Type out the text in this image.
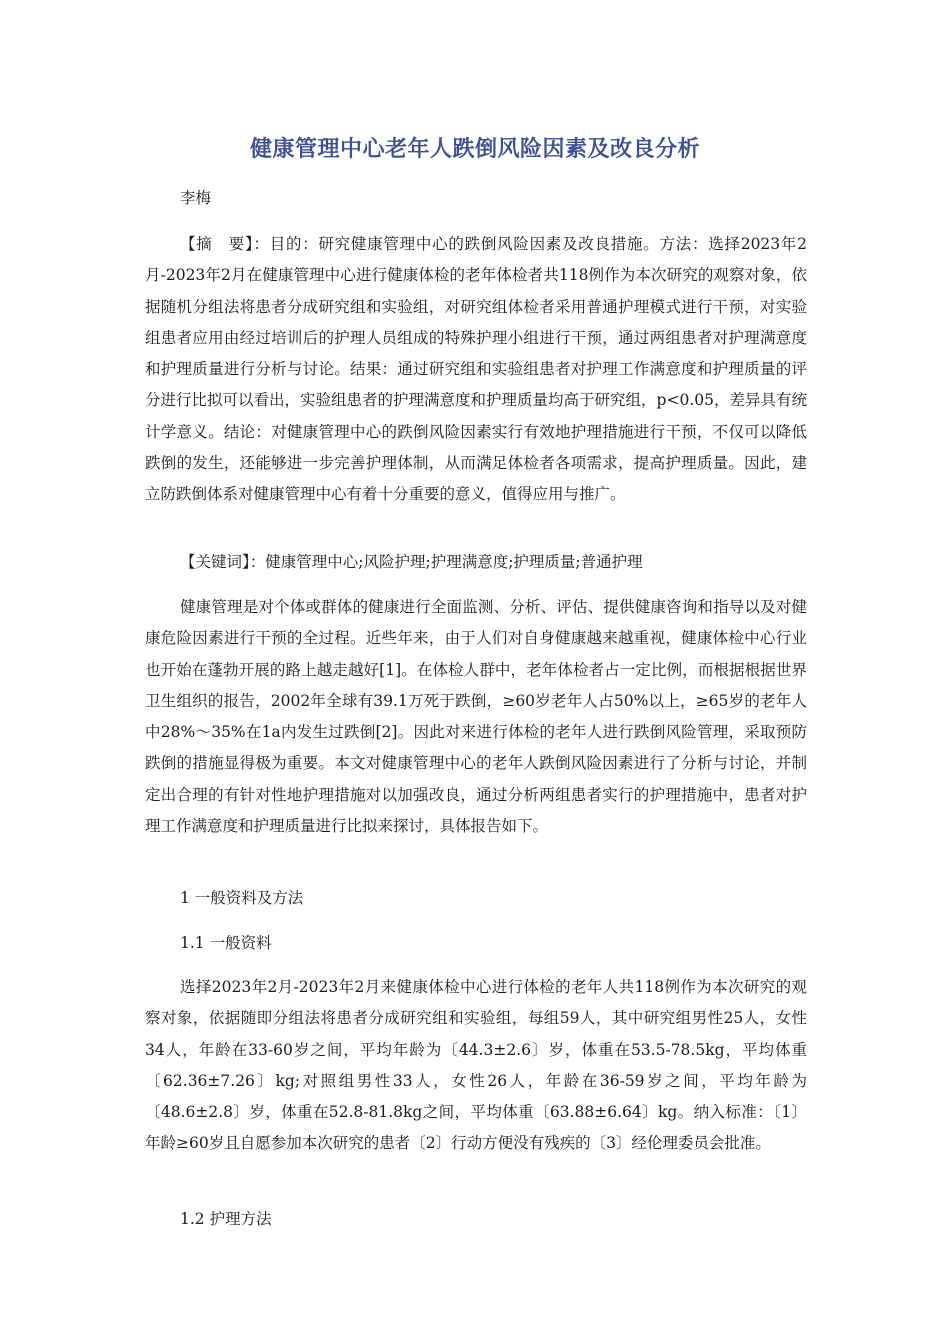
健康管理中心老年人跌倒风险因素及改良分析
李梅

【摘　要】：目的：研究健康管理中心的跌倒风险因素及改良措施。方法：选择2023年2月-2023年2月在健康管理中心进行健康体检的老年体检者共118例作为本次研究的观察对象，依据随机分组法将患者分成研究组和实验组，对研究组体检者采用普通护理模式进行干预，对实验组患者应用由经过培训后的护理人员组成的特殊护理小组进行干预，通过两组患者对护理满意度和护理质量进行分析与讨论。结果：通过研究组和实验组患者对护理工作满意度和护理质量的评分进行比拟可以看出，实验组患者的护理满意度和护理质量均高于研究组，p<0.05，差异具有统计学意义。结论：对健康管理中心的跌倒风险因素实行有效地护理措施进行干预，不仅可以降低跌倒的发生，还能够进一步完善护理体制，从而满足体检者各项需求，提高护理质量。因此，建立防跌倒体系对健康管理中心有着十分重要的意义，值得应用与推广。

【关键词】：健康管理中心;风险护理;护理满意度;护理质量;普通护理

健康管理是对个体或群体的健康进行全面监测、分析、评估、提供健康咨询和指导以及对健康危险因素进行干预的全过程。近些年来，由于人们对自身健康越来越重视，健康体检中心行业也开始在蓬勃开展的路上越走越好[1]。在体检人群中，老年体检者占一定比例，而根据根据世界卫生组织的报告，2002年全球有39.1万死于跌倒，≥60岁老年人占50%以上，≥65岁的老年人中28%～35%在1a内发生过跌倒[2]。因此对来进行体检的老年人进行跌倒风险管理，采取预防跌倒的措施显得极为重要。本文对健康管理中心的老年人跌倒风险因素进行了分析与讨论，并制定出合理的有针对性地护理措施对以加强改良，通过分析两组患者实行的护理措施中，患者对护理工作满意度和护理质量进行比拟来探讨，具体报告如下。

1 一般资料及方法
1.1 一般资料

选择2023年2月-2023年2月来健康体检中心进行体检的老年人共118例作为本次研究的观察对象，依据随即分组法将患者分成研究组和实验组，每组59人，其中研究组男性25人，女性34人，年龄在33-60岁之间，平均年龄为〔44.3±2.6〕岁，体重在53.5-78.5kg，平均体重〔62.36±7.26〕kg;对照组男性33人，女性26人，年龄在36-59岁之间，平均年龄为〔48.6±2.8〕岁，体重在52.8-81.8kg之间，平均体重〔63.88±6.64〕kg。纳入标准：〔1〕年龄≥60岁且自愿参加本次研究的患者〔2〕行动方便没有残疾的〔3〕经伦理委员会批准。

1.2 护理方法
